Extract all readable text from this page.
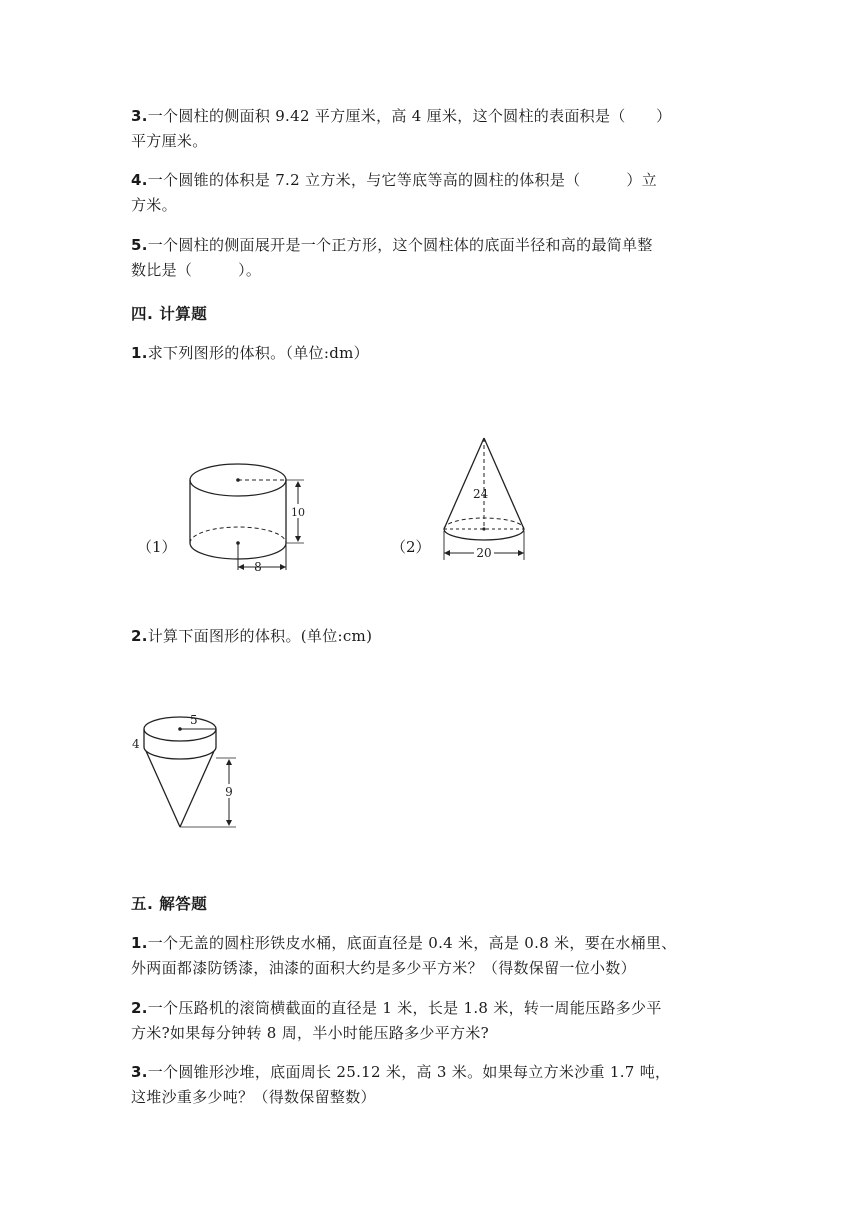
3.一个圆柱的侧面积 9.42 平方厘米，高 4 厘米，这个圆柱的表面积是（　　）
平方厘米。
4.一个圆锥的体积是 7.2 立方米，与它等底等高的圆柱的体积是（　　　）立
方米。
5.一个圆柱的侧面展开是一个正方形，这个圆柱体的底面半径和高的最简单整
数比是（　　　）。
四. 计算题
1.求下列图形的体积。（单位:dm）
（1）	（2）
8
10
24
20
2.计算下面图形的体积。(单位:cm)
5
4
9
五. 解答题
1.一个无盖的圆柱形铁皮水桶，底面直径是 0.4 米，高是 0.8 米，要在水桶里、
外两面都漆防锈漆，油漆的面积大约是多少平方米？（得数保留一位小数）
2.一个压路机的滚筒横截面的直径是 1 米，长是 1.8 米，转一周能压路多少平
方米?如果每分钟转 8 周，半小时能压路多少平方米?
3.一个圆锥形沙堆，底面周长 25.12 米，高 3 米。如果每立方米沙重 1.7 吨，
这堆沙重多少吨？（得数保留整数）
